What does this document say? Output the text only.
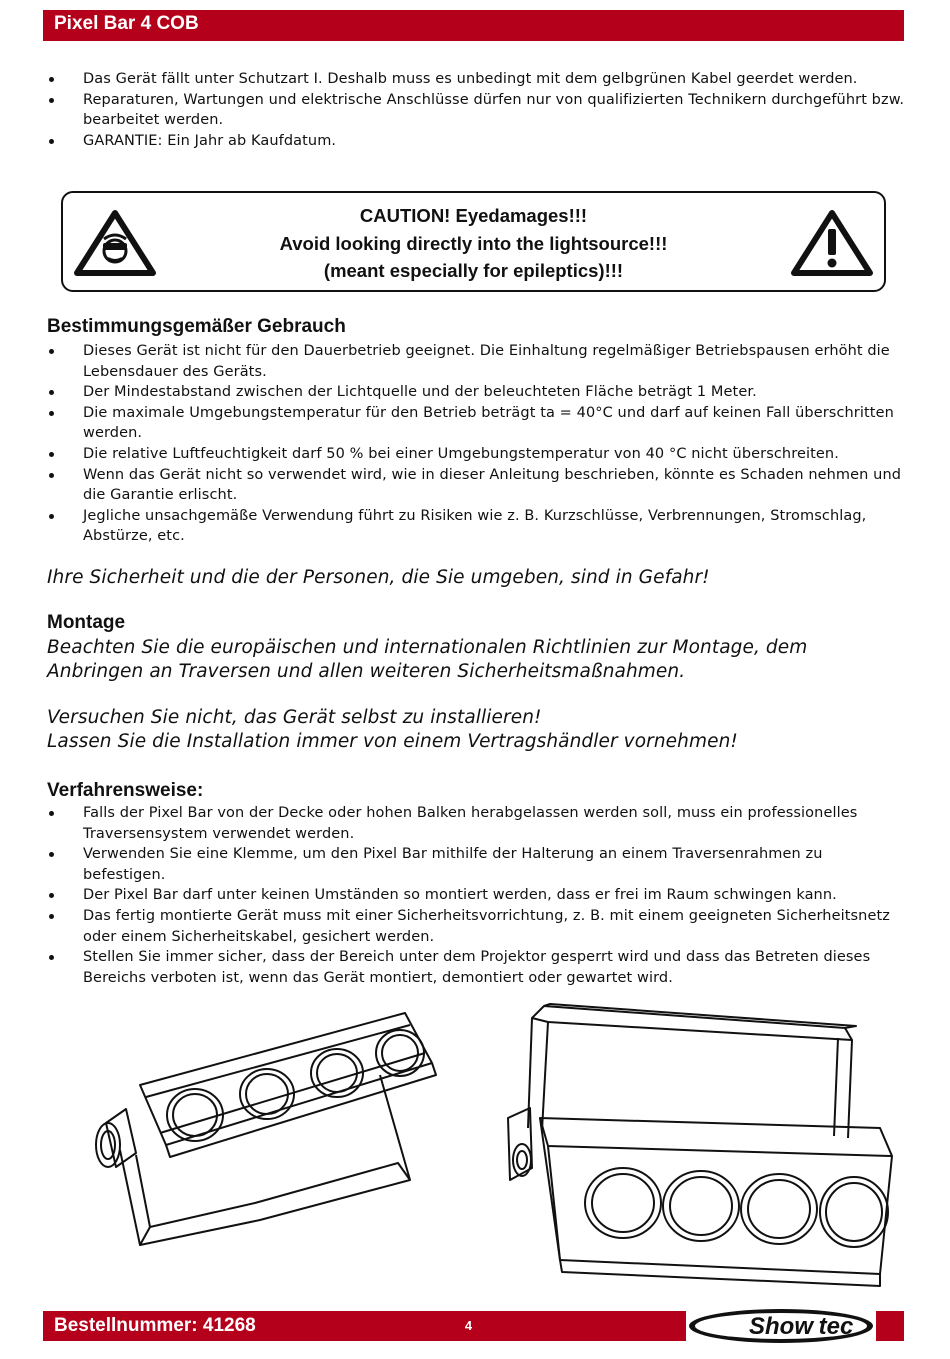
Pixel Bar 4 COB
Das Gerät fällt unter Schutzart I. Deshalb muss es unbedingt mit dem gelbgrünen Kabel geerdet werden.
Reparaturen, Wartungen und elektrische Anschlüsse dürfen nur von qualifizierten Technikern durchgeführt bzw. bearbeitet werden.
GARANTIE: Ein Jahr ab Kaufdatum.
CAUTION! Eyedamages!!!
Avoid looking directly into the lightsource!!!
(meant especially for epileptics)!!!
Bestimmungsgemäßer Gebrauch
Dieses Gerät ist nicht für den Dauerbetrieb geeignet. Die Einhaltung regelmäßiger Betriebspausen erhöht die Lebensdauer des Geräts.
Der Mindestabstand zwischen der Lichtquelle und der beleuchteten Fläche beträgt 1 Meter.
Die maximale Umgebungstemperatur für den Betrieb beträgt ta = 40°C und darf auf keinen Fall überschritten werden.
Die relative Luftfeuchtigkeit darf 50 % bei einer Umgebungstemperatur von 40 °C nicht überschreiten.
Wenn das Gerät nicht so verwendet wird, wie in dieser Anleitung beschrieben, könnte es Schaden nehmen und die Garantie erlischt.
Jegliche unsachgemäße Verwendung führt zu Risiken wie z. B. Kurzschlüsse, Verbrennungen, Stromschlag, Abstürze, etc.

Ihre Sicherheit und die der Personen, die Sie umgeben, sind in Gefahr!

Montage

Beachten Sie die europäischen und internationalen Richtlinien zur Montage, dem

Anbringen an Traversen und allen weiteren Sicherheitsmaßnahmen.

Versuchen Sie nicht, das Gerät selbst zu installieren!

Lassen Sie die Installation immer von einem Vertragshändler vornehmen!

Verfahrensweise:
Falls der Pixel Bar von der Decke oder hohen Balken herabgelassen werden soll, muss ein professionelles Traversensystem verwendet werden.
Verwenden Sie eine Klemme, um den Pixel Bar mithilfe der Halterung an einem Traversenrahmen zu befestigen.
Der Pixel Bar darf unter keinen Umständen so montiert werden, dass er frei im Raum schwingen kann.
Das fertig montierte Gerät muss mit einer Sicherheitsvorrichtung, z. B. mit einem geeigneten Sicherheitsnetz oder einem Sicherheitskabel, gesichert werden.
Stellen Sie immer sicher, dass der Bereich unter dem Projektor gesperrt wird und dass das Betreten dieses Bereichs verboten ist, wenn das Gerät montiert, demontiert oder gewartet wird.
Bestellnummer: 41268	4	Show tec
